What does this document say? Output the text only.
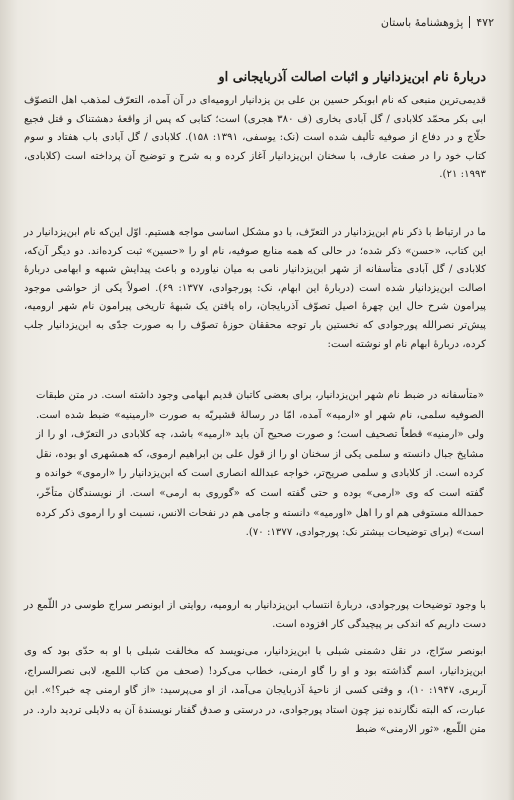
۴۷۲
پژوهشنامهٔ باستان
دربارهٔ نام ابن‌یزدانیار و اثبات اصالت آذربایجانی او

قدیمی‌ترین منبعی که نام ابوبکر حسین بن علی بن یزدانیار ارومیه‌ای در آن آمده، التعرّف لمذهب اهل التصوّف ابی بکر محمّد کلابادی / گل آبادی بخاری (ف ۳۸۰ هجری) است؛ کتابی که پس از واقعهٔ دهشتناک و قتل فجیع حلّاج و در دفاع از صوفیه تألیف شده است (نک: یوسفی، ۱۳۹۱: ۱۵۸). کلابادی / گل آبادی باب هفتاد و سوم کتاب خود را در صفت عارف، با سخنان ابن‌یزدانیار آغاز کرده و به شرح و توضیح آن پرداخته است (کلابادی، ۱۹۹۳: ۲۱).

ما در ارتباط با ذکر نام ابن‌یزدانیار در التعرّف، با دو مشکل اساسی مواجه هستیم. اوّل این‌که نام ابن‌یزدانیار در این کتاب، «حسن» ذکر شده؛ در حالی که همه منابع صوفیه، نام او را «حسین» ثبت کرده‌اند. دو دیگر آن‌که، کلابادی / گل آبادی متأسفانه از شهر ابن‌یزدانیار نامی به میان نیاورده و باعث پیدایش شبهه و ابهامی دربارهٔ اصالت ابن‌یزدانیار شده است (دربارهٔ این ابهام، نک: پورجوادی، ۱۳۷۷: ۶۹). اصولاً یکی از حواشی موجود پیرامون شرح حال این چهرهٔ اصیل تصوّف آذربایجان، راه یافتن یک شبههٔ تاریخی پیرامون نام شهر ارومیه، پیش‌تر نصرالله پورجوادی که نخستین بار توجه محققان حوزهٔ تصوّف را به صورت جدّی به ابن‌یزدانیار جلب کرده، دربارهٔ ابهام نام او نوشته است:

«متأسفانه در ضبط نام شهر ابن‌یزدانیار، برای بعضی کاتبان قدیم ابهامی وجود داشته است. در متن طبقات الصوفیه سلمی، نام شهر او «ارمیه» آمده، امّا در رسالهٔ قشیریّه به صورت «ارمینیه» ضبط شده است. ولی «ارمنیه» قطعاً تصحیف است؛ و صورت صحیح آن باید «ارمیه» باشد، چه کلابادی در التعرّف، او را از مشایخ جبال دانسته و سلمی یکی از سخنان او را از قول علی بن ابراهیم ارموی، که همشهری او بوده، نقل کرده است. از کلابادی و سلمی صریح‌تر، خواجه عبدالله انصاری است که ابن‌یزدانیار را «ارموی» خوانده و گفته است که وی «ارمی» بوده و حتی گفته است که «گوروی به ارمی» است. از نویسندگان متأخّر، حمدالله مستوفی هم او را اهل «اورمیه» دانسته و جامی هم در نفحات الانس، نسبت او را ارموی ذکر کرده است» (برای توضیحات بیشتر نک: پورجوادی، ۱۳۷۷: ۷۰).

با وجود توضیحات پورجوادی، دربارهٔ انتساب ابن‌یزدانیار به ارومیه، روایتی از ابونصر سراج طوسی در اللّمع در دست داریم که اندکی بر پیچیدگی کار افزوده است.

ابونصر سرّاج، در نقل دشمنی شبلی با ابن‌یزدانیار، می‌نویسد که مخالفت شبلی با او به حدّی بود که وی ابن‌یزدانیار، اسم گذاشته بود و او را گاو ارمنی، خطاب می‌کرد! (صحف من کتاب اللمع، لابی نصرالسراج، آربری، ۱۹۴۷: ۱۰)، و وقتی کسی از ناحیهٔ آذربایجان می‌آمد، از او می‌پرسید: «از گاو ارمنی چه خبر؟!». ابن عبارت، که البته نگارنده نیز چون استاد پورجوادی، در درستی و صدق گفتار نویسندهٔ آن به دلایلی تردید دارد. در متن اللّمع، «ثور الارمنی» ضبط
